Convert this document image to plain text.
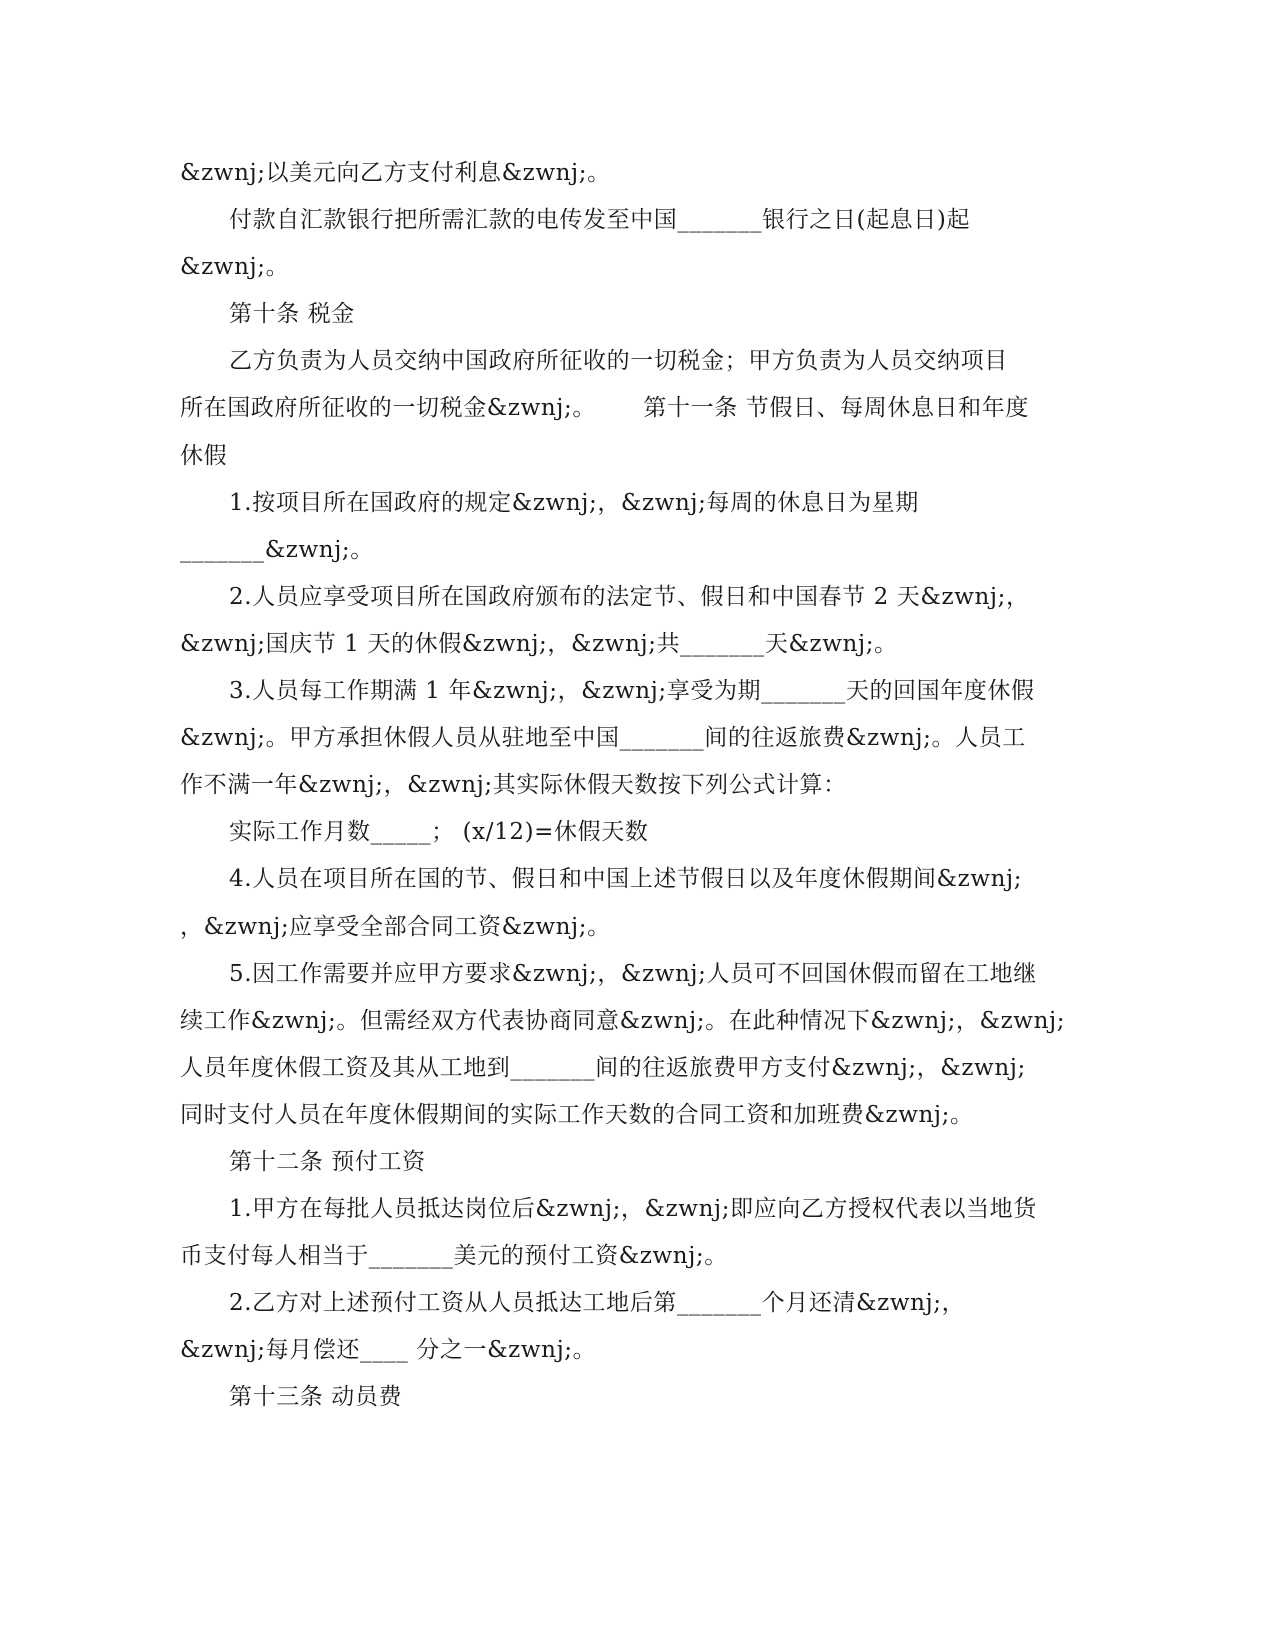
&zwnj;以美元向乙方支付利息&zwnj;。
付款自汇款银行把所需汇款的电传发至中国_______银行之日(起息日)起
&zwnj;。
第十条 税金
乙方负责为人员交纳中国政府所征收的一切税金；甲方负责为人员交纳项目
所在国政府所征收的一切税金&zwnj;。      第十一条 节假日、每周休息日和年度
休假
1.按项目所在国政府的规定&zwnj;，&zwnj;每周的休息日为星期
_______&zwnj;。
2.人员应享受项目所在国政府颁布的法定节、假日和中国春节 2 天&zwnj;，
&zwnj;国庆节 1 天的休假&zwnj;，&zwnj;共_______天&zwnj;。
3.人员每工作期满 1 年&zwnj;，&zwnj;享受为期_______天的回国年度休假
&zwnj;。甲方承担休假人员从驻地至中国_______间的往返旅费&zwnj;。人员工
作不满一年&zwnj;，&zwnj;其实际休假天数按下列公式计算：
实际工作月数_____； (x/12)=休假天数
4.人员在项目所在国的节、假日和中国上述节假日以及年度休假期间&zwnj;
，&zwnj;应享受全部合同工资&zwnj;。
5.因工作需要并应甲方要求&zwnj;，&zwnj;人员可不回国休假而留在工地继
续工作&zwnj;。但需经双方代表协商同意&zwnj;。在此种情况下&zwnj;，&zwnj;
人员年度休假工资及其从工地到_______间的往返旅费甲方支付&zwnj;，&zwnj;
同时支付人员在年度休假期间的实际工作天数的合同工资和加班费&zwnj;。
第十二条 预付工资
1.甲方在每批人员抵达岗位后&zwnj;，&zwnj;即应向乙方授权代表以当地货
币支付每人相当于_______美元的预付工资&zwnj;。
2.乙方对上述预付工资从人员抵达工地后第_______个月还清&zwnj;，
&zwnj;每月偿还____ 分之一&zwnj;。
第十三条 动员费
